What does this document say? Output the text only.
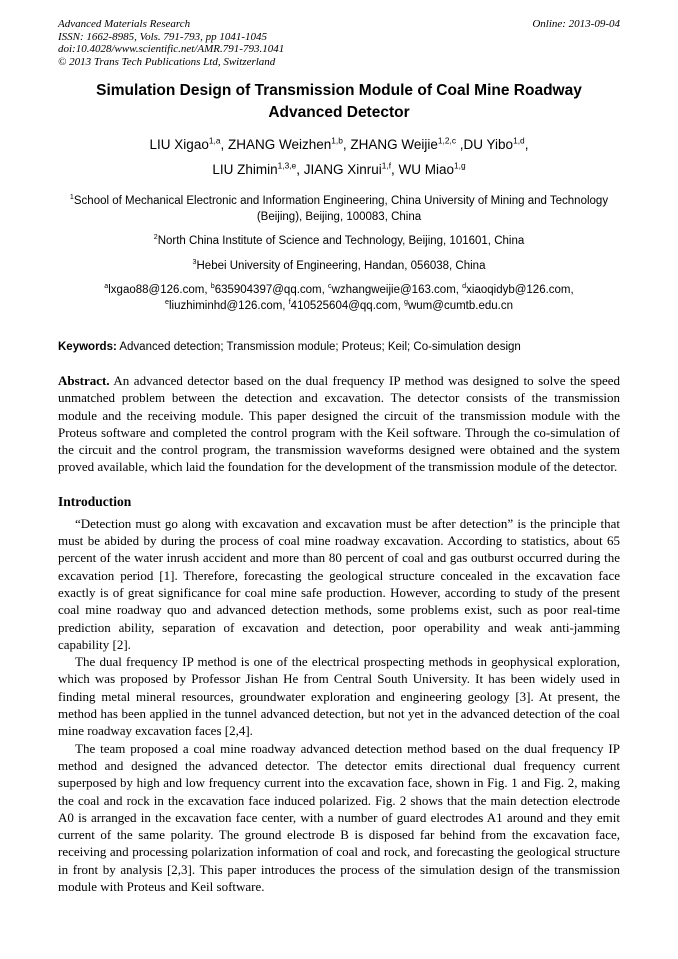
Advanced Materials Research
ISSN: 1662-8985, Vols. 791-793, pp 1041-1045
doi:10.4028/www.scientific.net/AMR.791-793.1041
© 2013 Trans Tech Publications Ltd, Switzerland
Online: 2013-09-04
Simulation Design of Transmission Module of Coal Mine Roadway
Advanced Detector
LIU Xigao$^{1,a}$, ZHANG Weizhen$^{1,b}$, ZHANG Weijie$^{1,2,c}$ ,DU Yibo$^{1,d}$,
LIU Zhimin$^{1,3,e}$, JIANG Xinrui$^{1,f}$, WU Miao$^{1,g}$
$^1$School of Mechanical Electronic and Information Engineering, China University of Mining and Technology (Beijing), Beijing, 100083, China
$^2$North China Institute of Science and Technology, Beijing, 101601, China
$^3$Hebei University of Engineering, Handan, 056038, China
$^a$lxgao88@126.com, $^b$635904397@qq.com, $^c$wzhangweijie@163.com, $^d$xiaoqidyb@126.com, $^e$liuzhiminhd@126.com, $^f$410525604@qq.com, $^g$wum@cumtb.edu.cn
Keywords: Advanced detection; Transmission module; Proteus; Keil; Co-simulation design

Abstract. An advanced detector based on the dual frequency IP method was designed to solve the speed unmatched problem between the detection and excavation. The detector consists of the transmission module and the receiving module. This paper designed the circuit of the transmission module with the Proteus software and completed the control program with the Keil software. Through the co-simulation of the circuit and the control program, the transmission waveforms designed were obtained and the system proved available, which laid the foundation for the development of the transmission module of the detector.

Introduction

“Detection must go along with excavation and excavation must be after detection” is the principle that must be abided by during the process of coal mine roadway excavation. According to statistics, about 65 percent of the water inrush accident and more than 80 percent of coal and gas outburst occurred during the excavation period [1]. Therefore, forecasting the geological structure concealed in the excavation face exactly is of great significance for coal mine safe production. However, according to study of the present coal mine roadway quo and advanced detection methods, some problems exist, such as poor real-time prediction ability, separation of excavation and detection, poor operability and weak anti-jamming capability [2].

The dual frequency IP method is one of the electrical prospecting methods in geophysical exploration, which was proposed by Professor Jishan He from Central South University. It has been widely used in finding metal mineral resources, groundwater exploration and engineering geology [3]. At present, the method has been applied in the tunnel advanced detection, but not yet in the advanced detection of the coal mine roadway excavation faces [2,4].

The team proposed a coal mine roadway advanced detection method based on the dual frequency IP method and designed the advanced detector. The detector emits directional dual frequency current superposed by high and low frequency current into the excavation face, shown in Fig. 1 and Fig. 2, making the coal and rock in the excavation face induced polarized. Fig. 2 shows that the main detection electrode A0 is arranged in the excavation face center, with a number of guard electrodes A1 around and they emit current of the same polarity. The ground electrode B is disposed far behind from the excavation face, receiving and processing polarization information of coal and rock, and forecasting the geological structure in front by analysis [2,3]. This paper introduces the process of the simulation design of the transmission module with Proteus and Keil software.
